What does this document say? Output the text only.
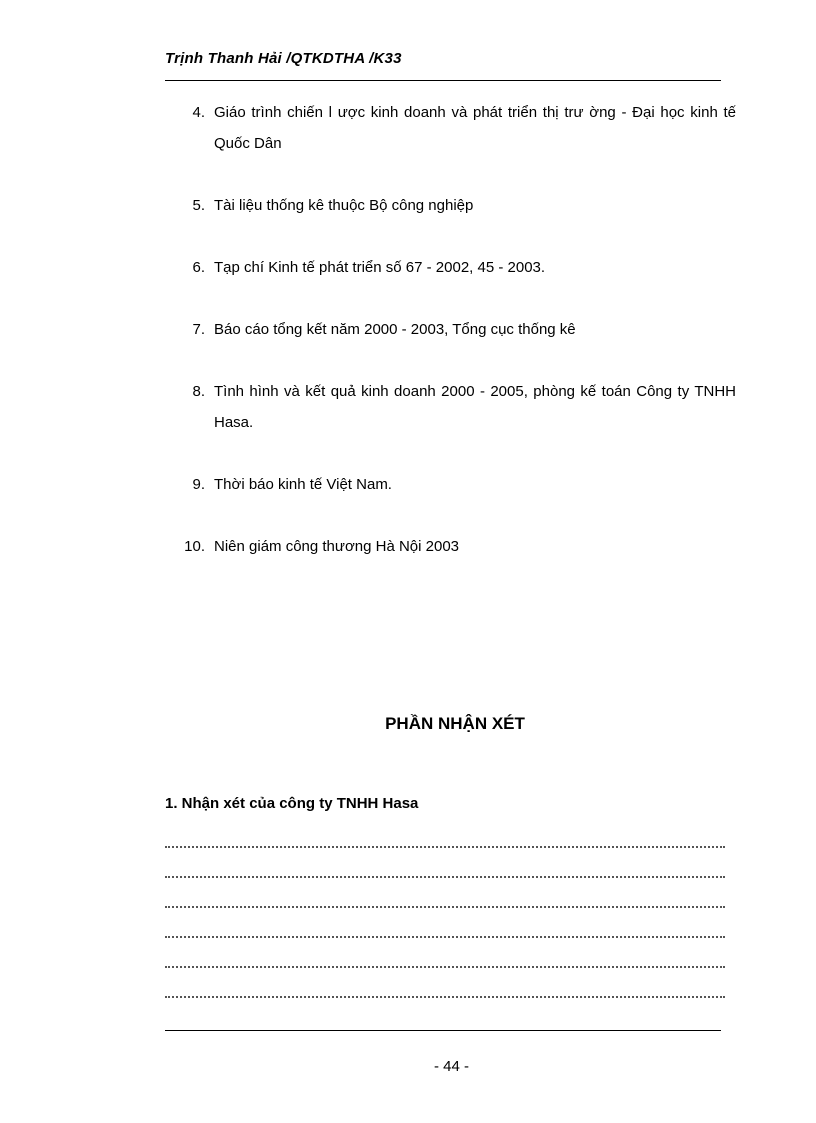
Trịnh Thanh Hải /QTKDTHA /K33
4. Giáo trình chiến l ược kinh doanh và phát triển thị trư ờng - Đại học kinh tế Quốc Dân
5. Tài liệu thống kê thuộc Bộ công nghiệp
6. Tạp chí Kinh tế phát triển số 67 - 2002, 45 - 2003.
7. Báo cáo tổng kết năm 2000 - 2003, Tổng cục thống kê
8. Tình hình và kết quả kinh doanh 2000 - 2005, phòng kế toán Công ty TNHH Hasa.
9. Thời báo kinh tế Việt Nam.
10. Niên giám công thương Hà Nội 2003
PHẦN NHẬN XÉT
1. Nhận xét của công ty TNHH Hasa
- 44 -
